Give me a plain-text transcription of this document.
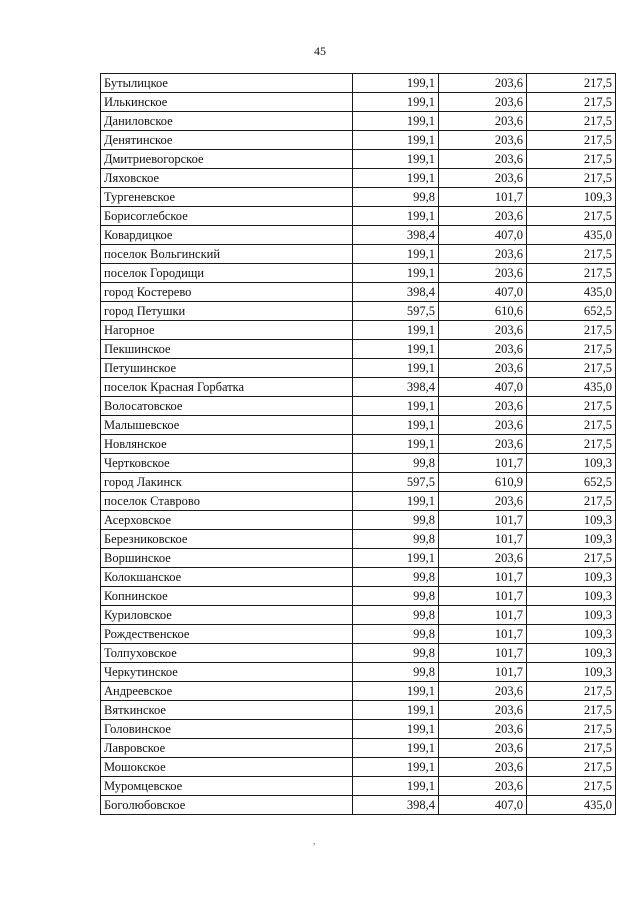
45
Бутылицкое	199,1	203,6	217,5
Илькинское	199,1	203,6	217,5
Даниловское	199,1	203,6	217,5
Денятинское	199,1	203,6	217,5
Дмитриевогорское	199,1	203,6	217,5
Ляховское	199,1	203,6	217,5
Тургеневское	99,8	101,7	109,3
Борисоглебское	199,1	203,6	217,5
Ковардицкое	398,4	407,0	435,0
поселок Вольгинский	199,1	203,6	217,5
поселок Городищи	199,1	203,6	217,5
город Костерево	398,4	407,0	435,0
город Петушки	597,5	610,6	652,5
Нагорное	199,1	203,6	217,5
Пекшинское	199,1	203,6	217,5
Петушинское	199,1	203,6	217,5
поселок Красная Горбатка	398,4	407,0	435,0
Волосатовское	199,1	203,6	217,5
Малышевское	199,1	203,6	217,5
Новлянское	199,1	203,6	217,5
Чертковское	99,8	101,7	109,3
город Лакинск	597,5	610,9	652,5
поселок Ставрово	199,1	203,6	217,5
Асерховское	99,8	101,7	109,3
Березниковское	99,8	101,7	109,3
Воршинское	199,1	203,6	217,5
Колокшанское	99,8	101,7	109,3
Копнинское	99,8	101,7	109,3
Куриловское	99,8	101,7	109,3
Рождественское	99,8	101,7	109,3
Толпуховское	99,8	101,7	109,3
Черкутинское	99,8	101,7	109,3
Андреевское	199,1	203,6	217,5
Вяткинское	199,1	203,6	217,5
Головинское	199,1	203,6	217,5
Лавровское	199,1	203,6	217,5
Мошокское	199,1	203,6	217,5
Муромцевское	199,1	203,6	217,5
Боголюбовское	398,4	407,0	435,0
,
